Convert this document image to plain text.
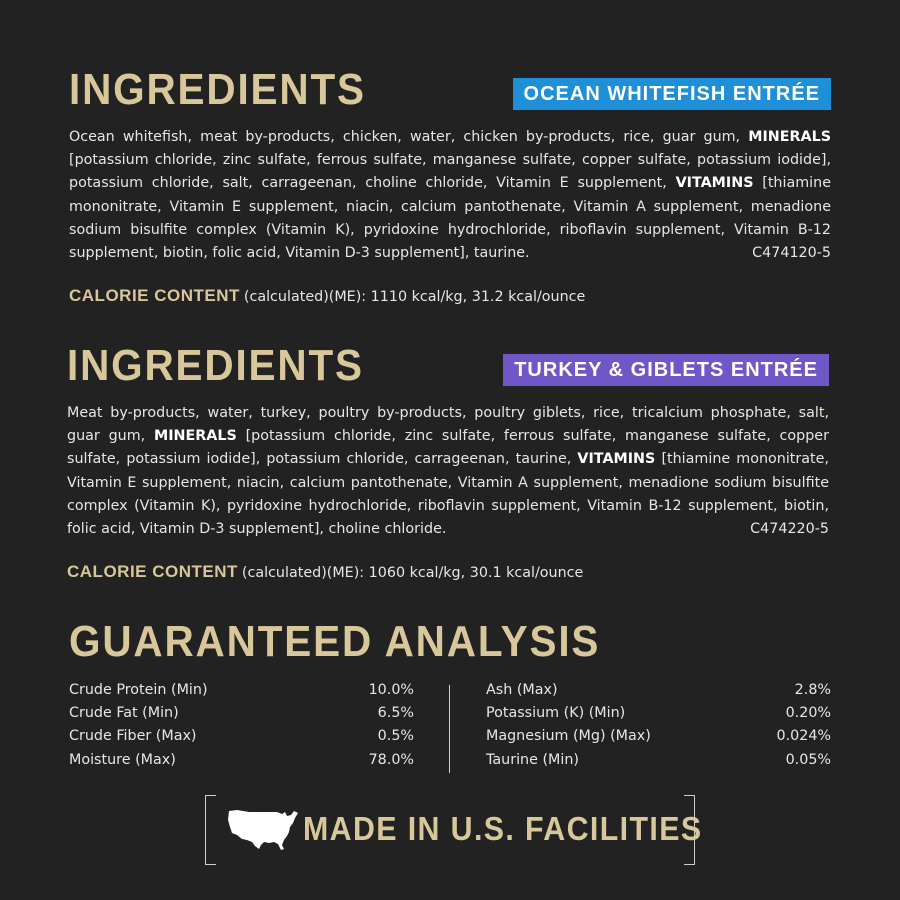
INGREDIENTS	OCEAN WHITEFISH ENTRÉE
Ocean whitefish, meat by-products, chicken, water, chicken by-products, rice, guar gum, MINERALS [potassium chloride, zinc sulfate, ferrous sulfate, manganese sulfate, copper sulfate, potassium iodide], potassium chloride, salt, carrageenan, choline chloride, Vitamin E supplement, VITAMINS [thiamine mononitrate, Vitamin E supplement, niacin, calcium pantothenate, Vitamin A supplement, menadione sodium bisulfite complex (Vitamin K), pyridoxine hydrochloride, riboflavin supplement, Vitamin B-12 supplement, biotin, folic acid, Vitamin D-3 supplement], taurine.	C474120-5
CALORIE CONTENT (calculated)(ME): 1110 kcal/kg, 31.2 kcal/ounce
INGREDIENTS	TURKEY & GIBLETS ENTRÉE
Meat by-products, water, turkey, poultry by-products, poultry giblets, rice, tricalcium phosphate, salt, guar gum, MINERALS [potassium chloride, zinc sulfate, ferrous sulfate, manganese sulfate, copper sulfate, potassium iodide], potassium chloride, carrageenan, taurine, VITAMINS [thiamine mononitrate, Vitamin E supplement, niacin, calcium pantothenate, Vitamin A supplement, menadione sodium bisulfite complex (Vitamin K), pyridoxine hydrochloride, riboflavin supplement, Vitamin B-12 supplement, biotin, folic acid, Vitamin D-3 supplement], choline chloride.	C474220-5
CALORIE CONTENT (calculated)(ME): 1060 kcal/kg, 30.1 kcal/ounce
GUARANTEED ANALYSIS
Crude Protein (Min)	10.0%
Crude Fat (Min)	6.5%
Crude Fiber (Max)	0.5%
Moisture (Max)	78.0%
Ash (Max)	2.8%
Potassium (K) (Min)	0.20%
Magnesium (Mg) (Max)	0.024%
Taurine (Min)	0.05%
MADE IN U.S. FACILITIES
